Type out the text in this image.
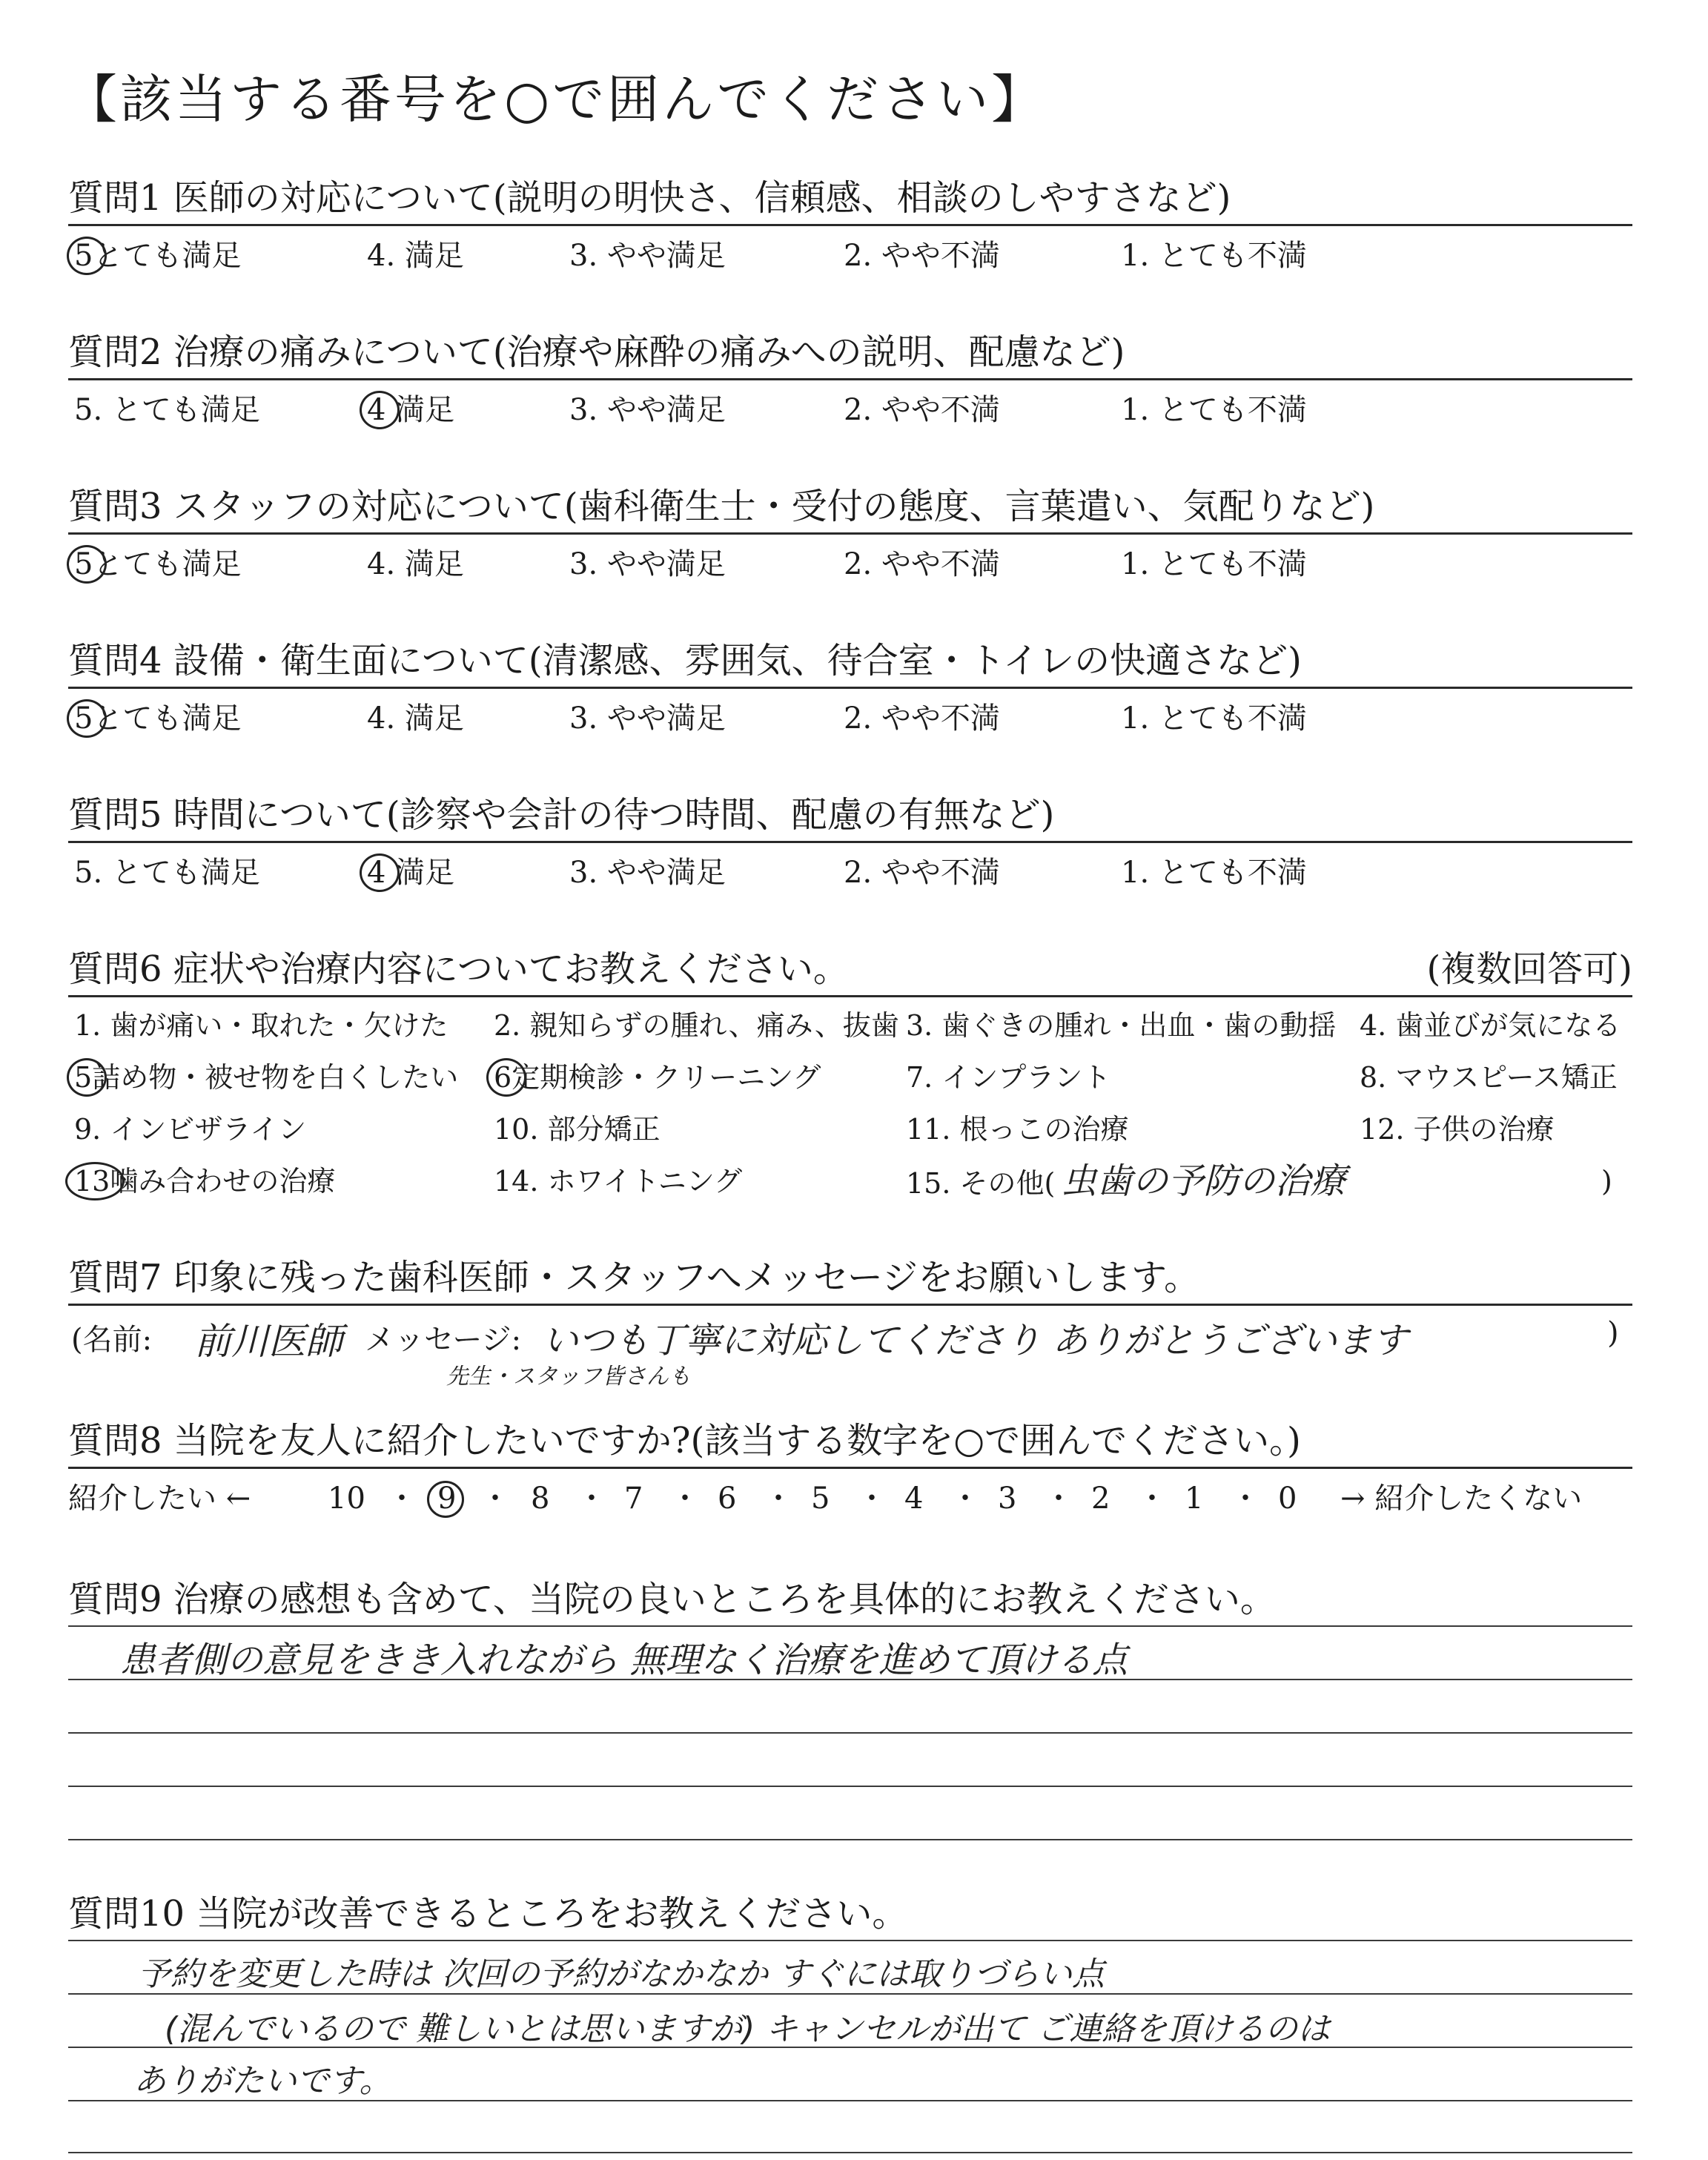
【該当する番号を○で囲んでください】
質問1 医師の対応について(説明の明快さ、信頼感、相談のしやすさなど)
5とても満足	4. 満足	3. やや満足	2. やや不満	1. とても不満
質問2 治療の痛みについて(治療や麻酔の痛みへの説明、配慮など)
5. とても満足	4 満足	3. やや満足	2. やや不満	1. とても不満
質問3 スタッフの対応について(歯科衛生士・受付の態度、言葉遣い、気配りなど)
5とても満足	4. 満足	3. やや満足	2. やや不満	1. とても不満
質問4 設備・衛生面について(清潔感、雰囲気、待合室・トイレの快適さなど)
5とても満足	4. 満足	3. やや満足	2. やや不満	1. とても不満
質問5 時間について(診察や会計の待つ時間、配慮の有無など)
5. とても満足	4 満足	3. やや満足	2. やや不満	1. とても不満
質問6 症状や治療内容についてお教えください。	(複数回答可)
1. 歯が痛い・取れた・欠けた 2. 親知らずの腫れ、痛み、抜歯 3. 歯ぐきの腫れ・出血・歯の動揺 4. 歯並びが気になる
5詰め物・被せ物を白くしたい 6定期検診・クリーニング	7. インプラント	8. マウスピース矯正
9. インビザライン	10. 部分矯正	11. 根っこの治療	12. 子供の治療
13噛み合わせの治療	14. ホワイトニング	15. その他( 虫歯の予防の治療	)
質問7 印象に残った歯科医師・スタッフへメッセージをお願いします。
(名前: 前川医師 メッセージ: いつも丁寧に対応してくださり ありがとうございます
先生・スタッフ皆さんも
)
質問8 当院を友人に紹介したいですか?(該当する数字を○で囲んでください。)
紹介したい ←	10 ・ 9 ・ 8 ・ 7 ・ 6 ・ 5 ・ 4 ・ 3 ・ 2 ・ 1 ・ 0 → 紹介したくない
質問9 治療の感想も含めて、当院の良いところを具体的にお教えください。
患者側の意見をきき入れながら 無理なく治療を進めて頂ける点
質問10 当院が改善できるところをお教えください。
予約を変更した時は 次回の予約がなかなか すぐには取りづらい点
(混んでいるので 難しいとは思いますが) キャンセルが出て ご連絡を頂けるのは
ありがたいです。
